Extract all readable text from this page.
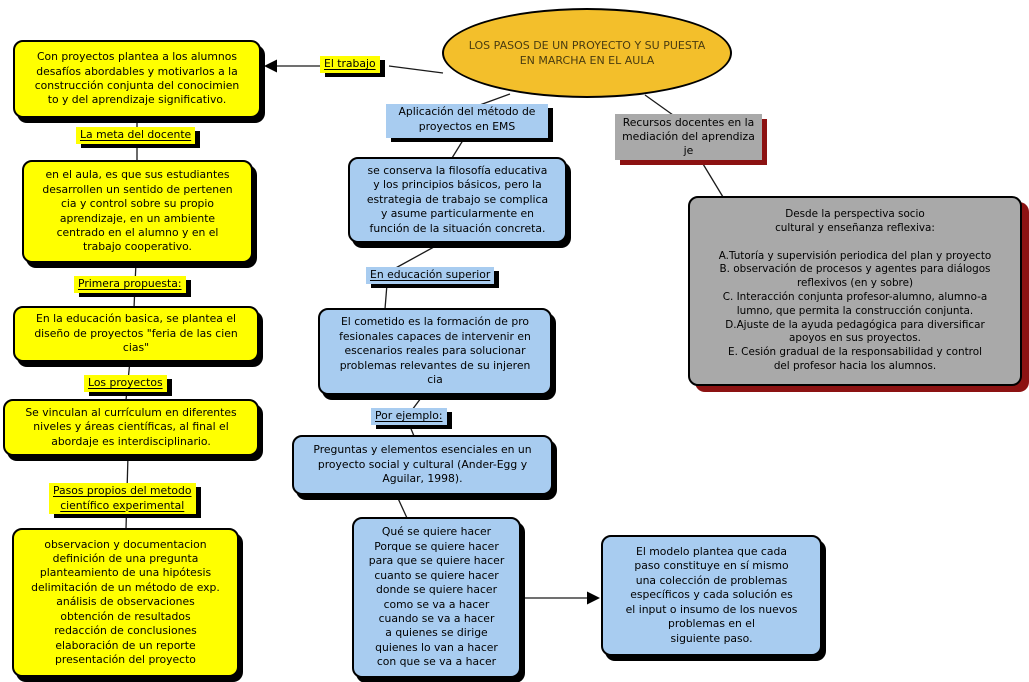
LOS PASOS DE UN PROYECTO Y SU PUESTA
EN MARCHA EN EL AULA
Con proyectos plantea a los alumnos
desafíos abordables y motivarlos a la
construcción conjunta del conocimien
to y del aprendizaje significativo.
El trabajo
La meta del docente
en el aula, es que sus estudiantes
desarrollen un sentido de pertenen
cia y control sobre su propio
aprendizaje, en un ambiente
centrado en el alumno y en el
trabajo cooperativo.
Primera propuesta:
En la educación basica, se plantea el
diseño de proyectos "feria de las cien
cias"
Los proyectos
Se vinculan al currículum en diferentes
niveles y áreas científicas, al final el
abordaje es interdisciplinario.
Pasos propios del metodo
científico experimental
observacion y documentacion
definición de una pregunta
planteamiento de una hipótesis
delimitación de un método de exp.
análisis de observaciones
obtención de resultados
redacción de conclusiones
elaboración de un reporte
presentación del proyecto
Aplicación del método de
proyectos en EMS
se conserva la filosofía educativa
y los principios básicos, pero la
estrategia de trabajo se complica
y asume particularmente en
función de la situación concreta.
En educación superior
El cometido es la formación de pro
fesionales capaces de intervenir en
escenarios reales para solucionar
problemas relevantes de su injeren
cia
Por ejemplo:
Preguntas y elementos esenciales en un
proyecto social y cultural (Ander-Egg y
Aguilar, 1998).
Qué se quiere hacer
Porque se quiere hacer
para que se quiere hacer
cuanto se quiere hacer
donde se quiere hacer
como se va a hacer
cuando se va a hacer
a quienes se dirige
quienes lo van a hacer
con que se va a hacer
El modelo plantea que cada
paso constituye en sí mismo
una colección de problemas
específicos y cada solución es
el input o insumo de los nuevos
problemas en el
siguiente paso.
Recursos docentes en la
mediación del aprendiza
je
Desde la perspectiva socio
cultural y enseñanza reflexiva:

A.Tutoría y supervisión periodica del plan y proyecto
B. observación de procesos y agentes para diálogos
reflexivos (en y sobre)
C. Interacción conjunta profesor-alumno, alumno-a
lumno, que permita la construcción conjunta.
D.Ajuste de la ayuda pedagógica para diversificar
apoyos en sus proyectos.
E. Cesión gradual de la responsabilidad y control
del profesor hacia los alumnos.
